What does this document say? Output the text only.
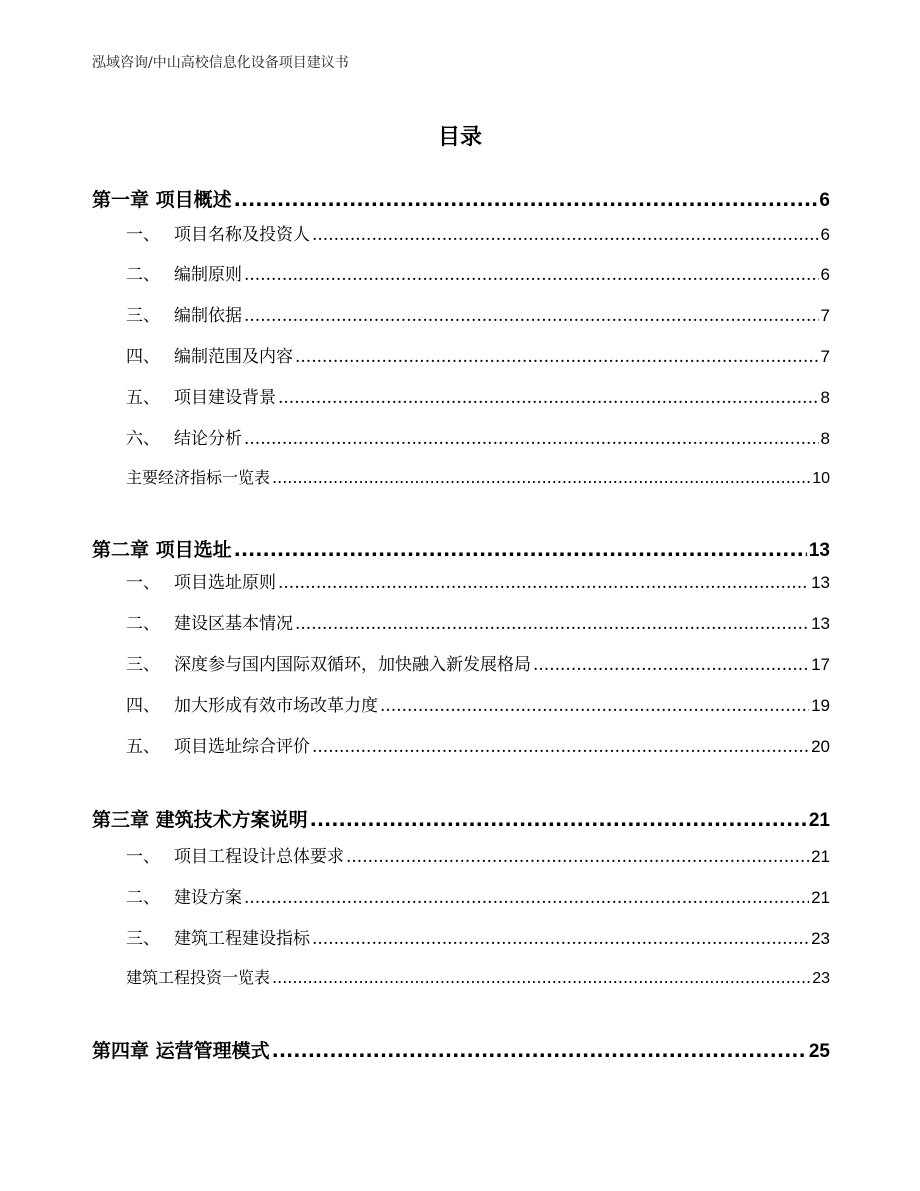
泓域咨询/中山高校信息化设备项目建议书
目录
第一章 项目概述 .....	6
一、 项目名称及投资人 .....	6
二、 编制原则 .....	6
三、 编制依据 .....	7
四、 编制范围及内容 .....	7
五、 项目建设背景 .....	8
六、 结论分析 .....	8
主要经济指标一览表 .....	10
第二章 项目选址 .....	13
一、 项目选址原则 .....	13
二、 建设区基本情况 .....	13
三、 深度参与国内国际双循环，加快融入新发展格局 .....	17
四、 加大形成有效市场改革力度 .....	19
五、 项目选址综合评价 .....	20
第三章 建筑技术方案说明 .....	21
一、 项目工程设计总体要求 .....	21
二、 建设方案 .....	21
三、 建筑工程建设指标 .....	23
建筑工程投资一览表 .....	23
第四章 运营管理模式 .....	25
